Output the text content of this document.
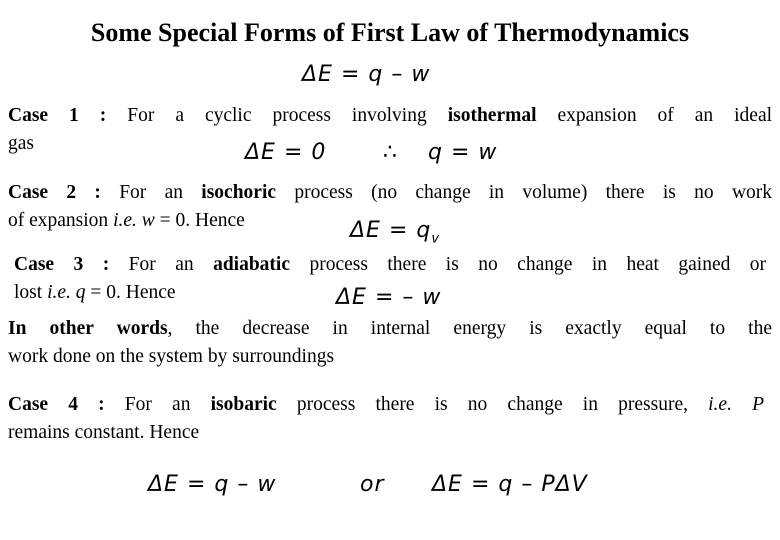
Some Special Forms of First Law of Thermodynamics
ΔE = q – w
Case 1 : For a cyclic process involving isothermal expansion of an ideal
gas	ΔE = 0	∴ q = w
Case 2 : For an isochoric process (no change in volume) there is no work
of expansion i.e. w = 0. Hence	$\Delta E = q_v$
Case 3 : For an adiabatic process there is no change in heat gained or
lost i.e. q = 0. Hence	ΔE = – w
In other words, the decrease in internal energy is exactly equal to the
work done on the system by surroundings
Case 4 : For an isobaric process there is no change in pressure, i.e. P
remains constant. Hence
ΔE = q – w	or ΔE = q – PΔV
